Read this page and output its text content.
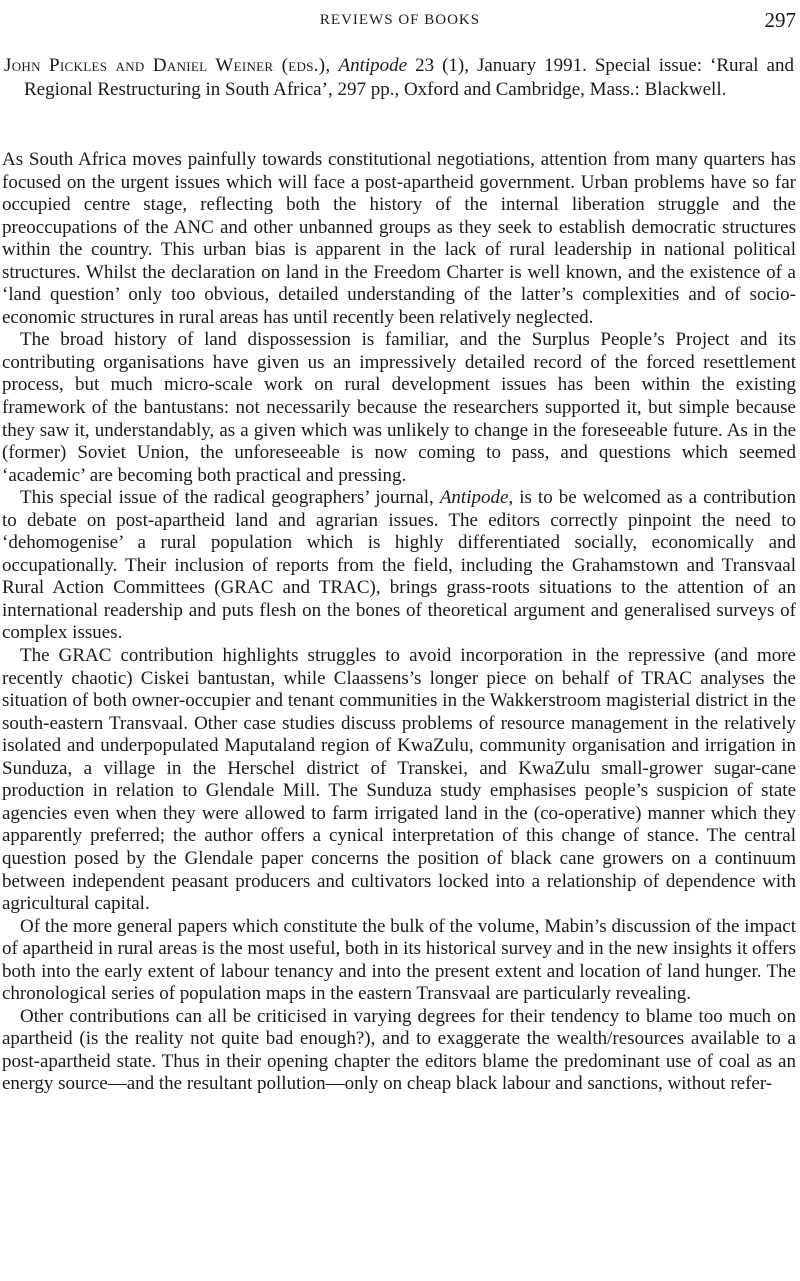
REVIEWS OF BOOKS	297
John Pickles and Daniel Weiner (eds.), Antipode 23 (1), January 1991. Special issue: ‘Rural and Regional Restructuring in South Africa’, 297 pp., Oxford and Cambridge, Mass.: Blackwell.

As South Africa moves painfully towards constitutional negotiations, attention from many quarters has focused on the urgent issues which will face a post-apartheid government. Urban problems have so far occupied centre stage, reflecting both the history of the internal liberation struggle and the preoccupations of the ANC and other unbanned groups as they seek to establish democratic structures within the country. This urban bias is apparent in the lack of rural leadership in national political structures. Whilst the declaration on land in the Freedom Charter is well known, and the existence of a ‘land question’ only too obvious, detailed understanding of the latter’s complexities and of socio-economic structures in rural areas has until recently been relatively neglected.

The broad history of land dispossession is familiar, and the Surplus People’s Project and its contributing organisations have given us an impressively detailed record of the forced resettlement process, but much micro-scale work on rural development issues has been within the existing framework of the bantustans: not necessarily because the researchers supported it, but simple because they saw it, understandably, as a given which was unlikely to change in the foreseeable future. As in the (former) Soviet Union, the unforeseeable is now coming to pass, and questions which seemed ‘academic’ are becoming both practical and pressing.

This special issue of the radical geographers’ journal, Antipode, is to be welcomed as a contribution to debate on post-apartheid land and agrarian issues. The editors correctly pinpoint the need to ‘dehomogenise’ a rural population which is highly differentiated socially, economically and occupationally. Their inclusion of reports from the field, including the Grahamstown and Transvaal Rural Action Committees (GRAC and TRAC), brings grass-roots situations to the attention of an international readership and puts flesh on the bones of theoretical argument and generalised surveys of complex issues.

The GRAC contribution highlights struggles to avoid incorporation in the repressive (and more recently chaotic) Ciskei bantustan, while Claassens’s longer piece on behalf of TRAC analyses the situation of both owner-occupier and tenant communities in the Wakkerstroom magisterial district in the south-eastern Transvaal. Other case studies discuss problems of resource management in the relatively isolated and underpopulated Maputaland region of KwaZulu, community organisation and irrigation in Sunduza, a village in the Herschel district of Transkei, and KwaZulu small-grower sugar-cane production in relation to Glendale Mill. The Sunduza study emphasises people’s suspicion of state agencies even when they were allowed to farm irrigated land in the (co-operative) manner which they apparently preferred; the author offers a cynical interpretation of this change of stance. The central question posed by the Glendale paper concerns the position of black cane growers on a continuum between independent peasant producers and cultivators locked into a relationship of dependence with agricultural capital.

Of the more general papers which constitute the bulk of the volume, Mabin’s discussion of the impact of apartheid in rural areas is the most useful, both in its historical survey and in the new insights it offers both into the early extent of labour tenancy and into the present extent and location of land hunger. The chronological series of population maps in the eastern Transvaal are particularly revealing.

Other contributions can all be criticised in varying degrees for their tendency to blame too much on apartheid (is the reality not quite bad enough?), and to exaggerate the wealth/resources available to a post-apartheid state. Thus in their opening chapter the editors blame the predominant use of coal as an energy source—and the resultant pollution—only on cheap black labour and sanctions, without refer-
